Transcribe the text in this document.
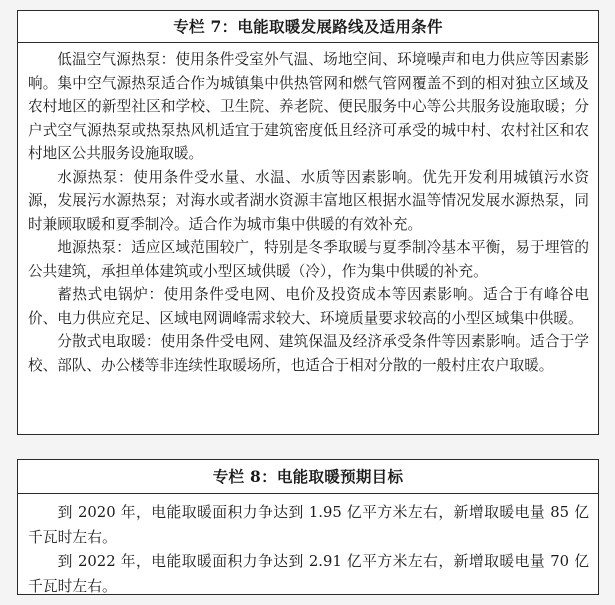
专栏 7：电能取暖发展路线及适用条件

低温空气源热泵：使用条件受室外气温、场地空间、环境噪声和电力供应等因素影响。集中空气源热泵适合作为城镇集中供热管网和燃气管网覆盖不到的相对独立区域及农村地区的新型社区和学校、卫生院、养老院、便民服务中心等公共服务设施取暖；分户式空气源热泵或热泵热风机适宜于建筑密度低且经济可承受的城中村、农村社区和农村地区公共服务设施取暖。

水源热泵：使用条件受水量、水温、水质等因素影响。优先开发利用城镇污水资源，发展污水源热泵；对海水或者湖水资源丰富地区根据水温等情况发展水源热泵，同时兼顾取暖和夏季制冷。适合作为城市集中供暖的有效补充。

地源热泵：适应区域范围较广，特别是冬季取暖与夏季制冷基本平衡，易于埋管的公共建筑，承担单体建筑或小型区域供暖（冷），作为集中供暖的补充。

蓄热式电锅炉：使用条件受电网、电价及投资成本等因素影响。适合于有峰谷电价、电力供应充足、区域电网调峰需求较大、环境质量要求较高的小型区域集中供暖。

分散式电取暖：使用条件受电网、建筑保温及经济承受条件等因素影响。适合于学校、部队、办公楼等非连续性取暖场所，也适合于相对分散的一般村庄农户取暖。

专栏 8：电能取暖预期目标

到 2020 年，电能取暖面积力争达到 1.95 亿平方米左右，新增取暖电量 85 亿千瓦时左右。

到 2022 年，电能取暖面积力争达到 2.91 亿平方米左右，新增取暖电量 70 亿千瓦时左右。
